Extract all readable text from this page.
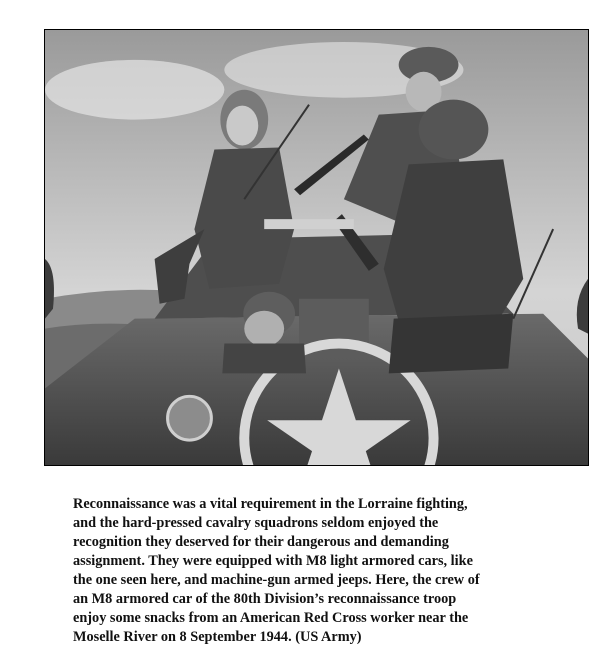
Reconnaissance was a vital requirement in the Lorraine fighting,
and the hard-pressed cavalry squadrons seldom enjoyed the
recognition they deserved for their dangerous and demanding
assignment. They were equipped with M8 light armored cars, like
the one seen here, and machine-gun armed jeeps. Here, the crew of
an M8 armored car of the 80th Division’s reconnaissance troop
enjoy some snacks from an American Red Cross worker near the
Moselle River on 8 September 1944. (US Army)
